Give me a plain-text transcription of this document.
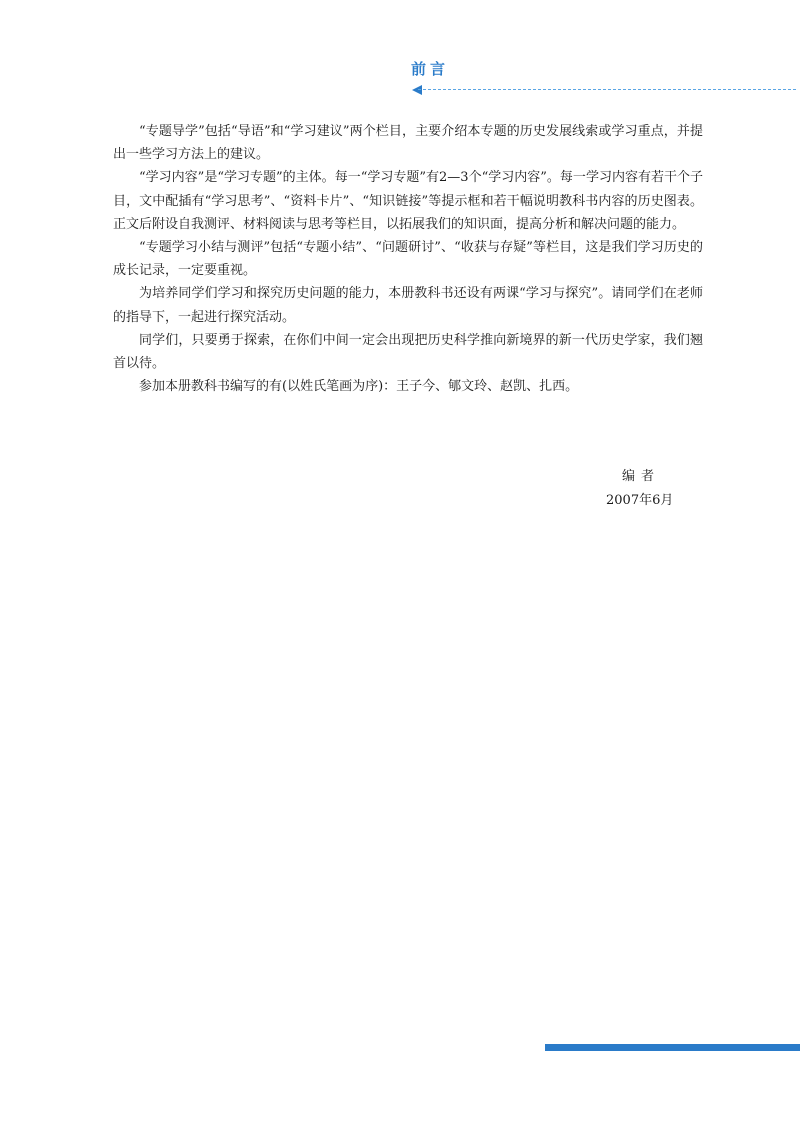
前言

“专题导学”包括“导语”和“学习建议”两个栏目，主要介绍本专题的历史发展线索或学习重点，并提出一些学习方法上的建议。

“学习内容”是“学习专题”的主体。每一“学习专题”有2—3个“学习内容”。每一学习内容有若干个子目，文中配插有“学习思考”、“资料卡片”、“知识链接”等提示框和若干幅说明教科书内容的历史图表。正文后附设自我测评、材料阅读与思考等栏目，以拓展我们的知识面，提高分析和解决问题的能力。

“专题学习小结与测评”包括“专题小结”、“问题研讨”、“收获与存疑”等栏目，这是我们学习历史的成长记录，一定要重视。

为培养同学们学习和探究历史问题的能力，本册教科书还设有两课“学习与探究”。请同学们在老师的指导下，一起进行探究活动。

同学们，只要勇于探索，在你们中间一定会出现把历史科学推向新境界的新一代历史学家，我们翘首以待。

参加本册教科书编写的有(以姓氏笔画为序)：王子今、郇文玲、赵凯、扎西。

编者
2007年6月
